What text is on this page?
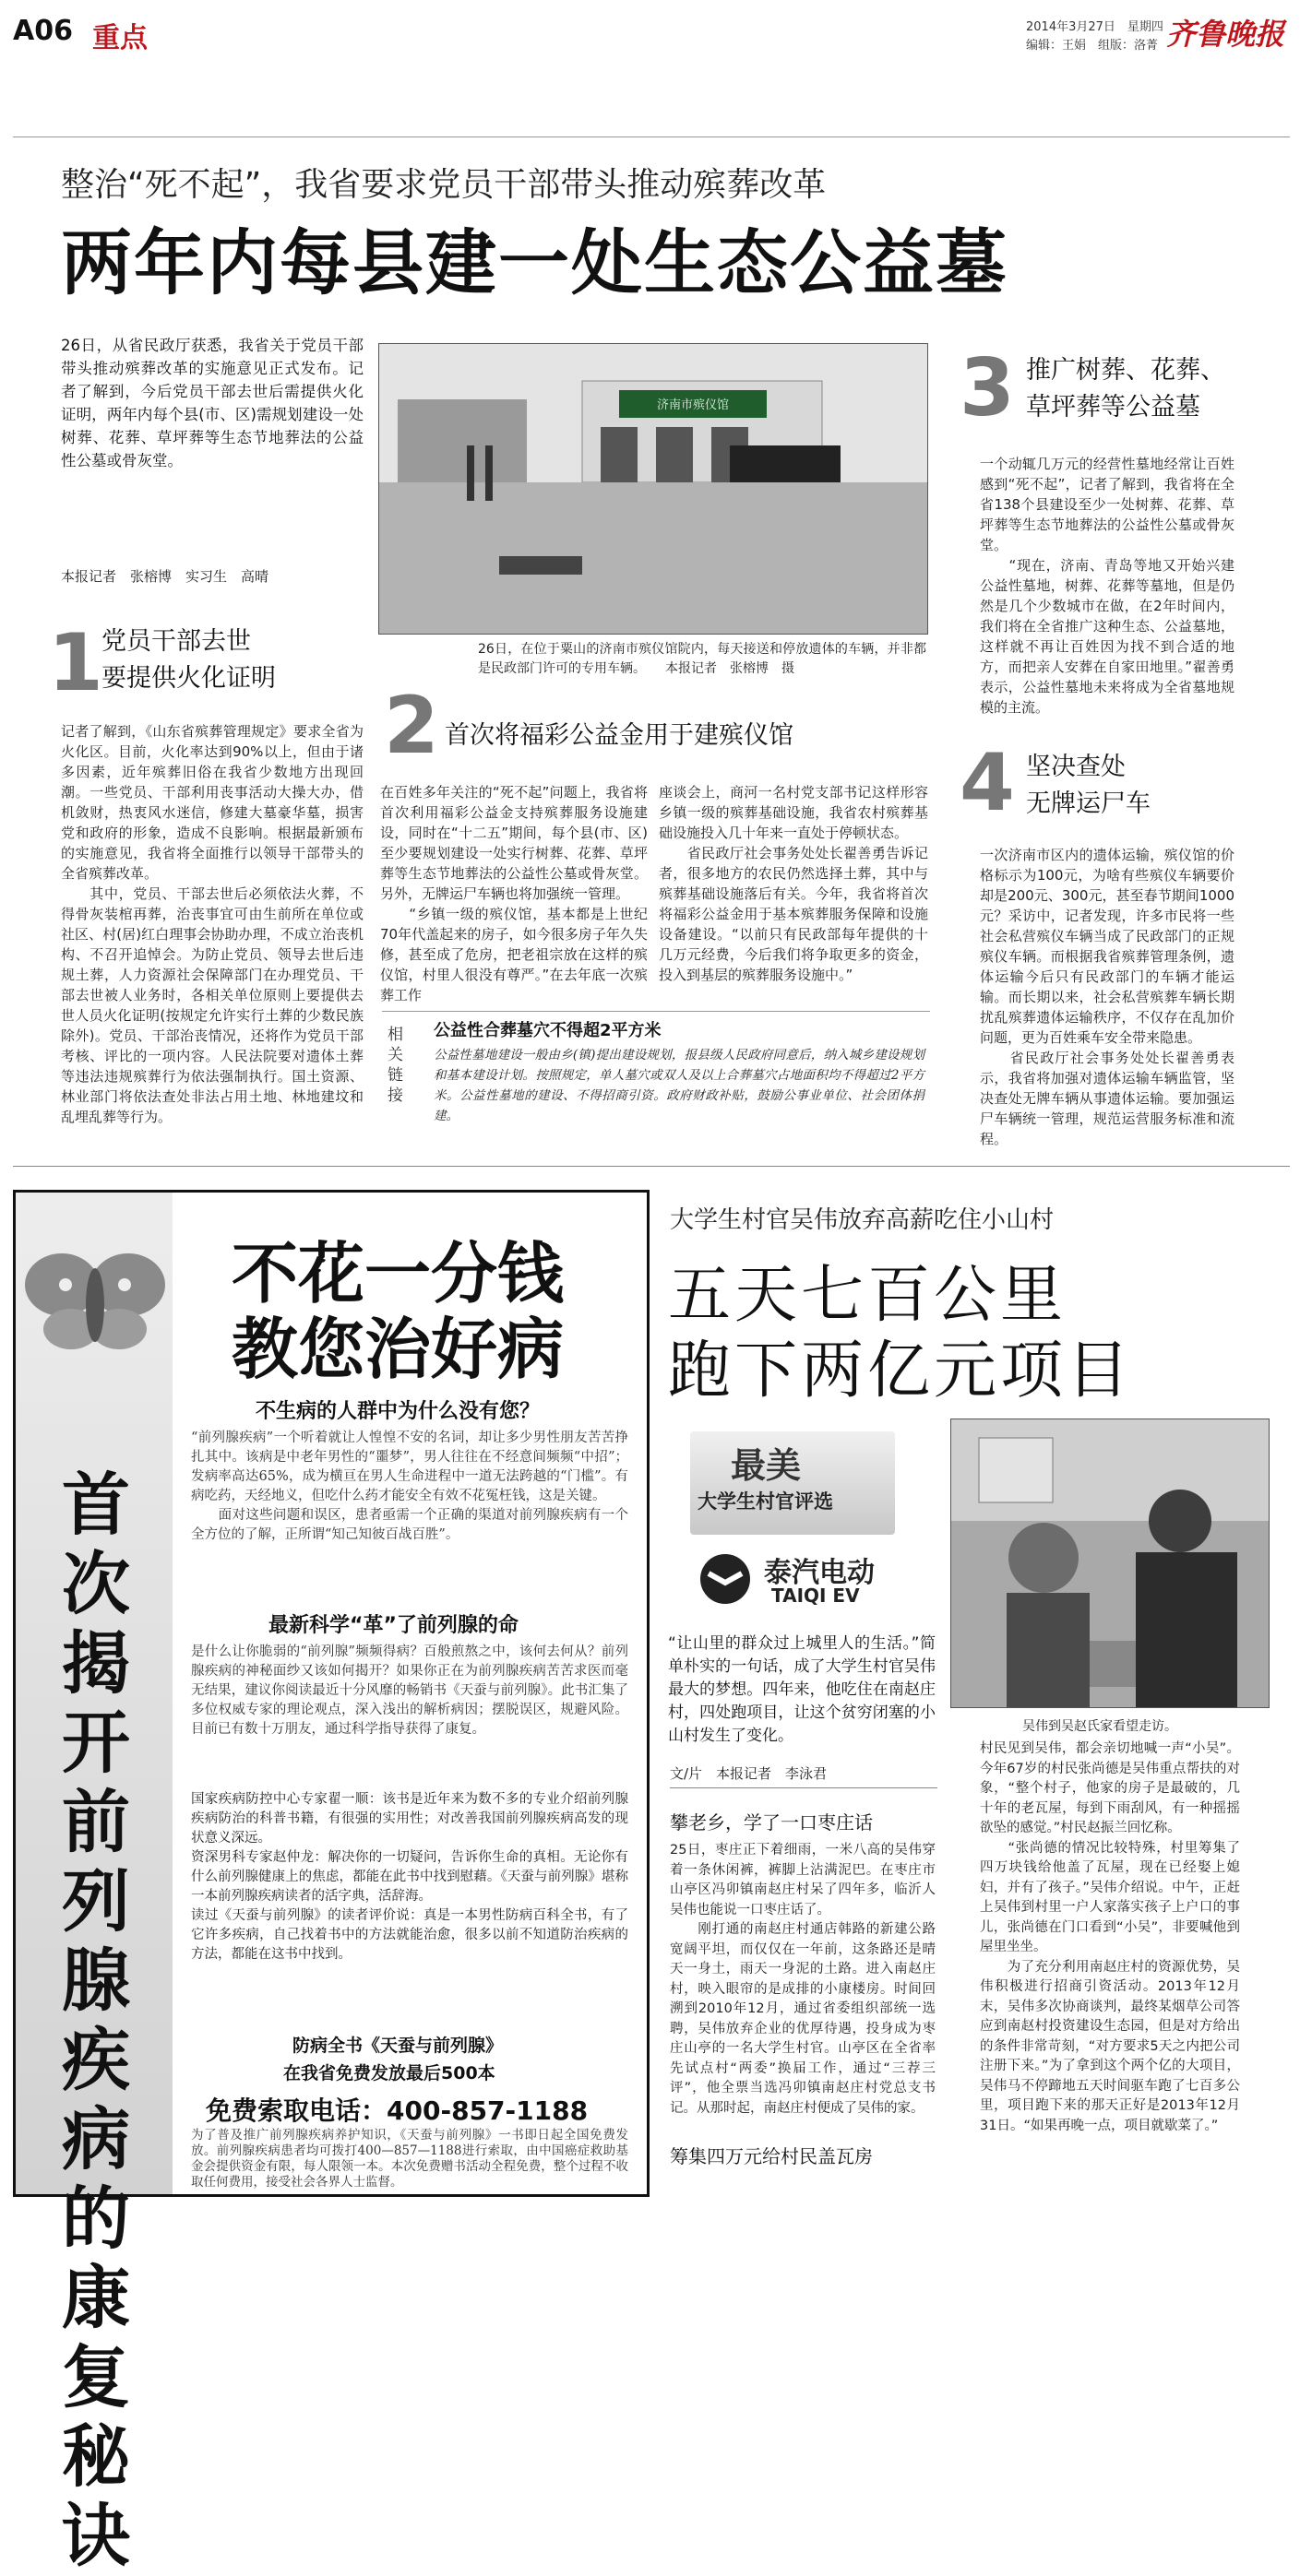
A06 重点	2014年3月27日　星期四
编辑：王娟　组版：洛菁 齐鲁晚报
整治“死不起”，我省要求党员干部带头推动殡葬改革
两年内每县建一处生态公益墓
26日，从省民政厅获悉，我省关于党员干部带头推动殡葬改革的实施意见正式发布。记者了解到，今后党员干部去世后需提供火化证明，两年内每个县(市、区)需规划建设一处树葬、花葬、草坪葬等生态节地葬法的公益性公墓或骨灰堂。
本报记者　张榕博　实习生　高晴
济南市殡仪馆
26日，在位于粟山的济南市殡仪馆院内，每天接送和停放遗体的车辆，并非都是民政部门许可的专用车辆。　　本报记者　张榕博　摄
1
党员干部去世
要提供火化证明
记者了解到，《山东省殡葬管理规定》要求全省为火化区。目前，火化率达到90%以上，但由于诸多因素，近年殡葬旧俗在我省少数地方出现回潮。一些党员、干部利用丧事活动大操大办，借机敛财，热衷风水迷信，修建大墓豪华墓，损害党和政府的形象，造成不良影响。根据最新颁布的实施意见，我省将全面推行以领导干部带头的全省殡葬改革。
　　其中，党员、干部去世后必须依法火葬，不得骨灰装棺再葬，治丧事宜可由生前所在单位或社区、村(居)红白理事会协助办理，不成立治丧机构、不召开追悼会。为防止党员、领导去世后违规土葬，人力资源社会保障部门在办理党员、干部去世被人业务时，各相关单位原则上要提供去世人员火化证明(按规定允许实行土葬的少数民族除外)。党员、干部治丧情况，还将作为党员干部考核、评比的一项内容。人民法院要对遗体土葬等违法违规殡葬行为依法强制执行。国土资源、林业部门将依法查处非法占用土地、林地建坟和乱埋乱葬等行为。
2 首次将福彩公益金用于建殡仪馆
在百姓多年关注的“死不起”问题上，我省将首次利用福彩公益金支持殡葬服务设施建设，同时在“十二五”期间，每个县(市、区)至少要规划建设一处实行树葬、花葬、草坪葬等生态节地葬法的公益性公墓或骨灰堂。另外，无牌运尸车辆也将加强统一管理。
　　“乡镇一级的殡仪馆，基本都是上世纪70年代盖起来的房子，如今很多房子年久失修，甚至成了危房，把老祖宗放在这样的殡仪馆，村里人很没有尊严。”在去年底一次殡葬工作
座谈会上，商河一名村党支部书记这样形容乡镇一级的殡葬基础设施，我省农村殡葬基础设施投入几十年来一直处于停顿状态。
　　省民政厅社会事务处处长翟善勇告诉记者，很多地方的农民仍然选择土葬，其中与殡葬基础设施落后有关。今年，我省将首次将福彩公益金用于基本殡葬服务保障和设施设备建设。“以前只有民政部每年提供的十几万元经费，今后我们将争取更多的资金，投入到基层的殡葬服务设施中。”
相关链接
公益性合葬墓穴不得超2平方米
公益性墓地建设一般由乡(镇)提出建设规划，报县级人民政府同意后，纳入城乡建设规划和基本建设计划。按照规定，单人墓穴或双人及以上合葬墓穴占地面积均不得超过2平方米。公益性墓地的建设、不得招商引资。政府财政补贴，鼓励公事业单位、社会团体捐建。
3 推广树葬、花葬、
草坪葬等公益墓
一个动辄几万元的经营性墓地经常让百姓感到“死不起”，记者了解到，我省将在全省138个县建设至少一处树葬、花葬、草坪葬等生态节地葬法的公益性公墓或骨灰堂。
　　“现在，济南、青岛等地又开始兴建公益性墓地，树葬、花葬等墓地，但是仍然是几个少数城市在做，在2年时间内，我们将在全省推广这种生态、公益墓地，这样就不再让百姓因为找不到合适的地方，而把亲人安葬在自家田地里。”翟善勇表示，公益性墓地未来将成为全省墓地规模的主流。
4 坚决查处
无牌运尸车
一次济南市区内的遗体运输，殡仪馆的价格标示为100元，为啥有些殡仪车辆要价却是200元、300元，甚至春节期间1000元？采访中，记者发现，许多市民将一些社会私营殡仪车辆当成了民政部门的正规殡仪车辆。而根据我省殡葬管理条例，遗体运输今后只有民政部门的车辆才能运输。而长期以来，社会私营殡葬车辆长期扰乱殡葬遗体运输秩序，不仅存在乱加价问题，更为百姓乘车安全带来隐患。
　　省民政厅社会事务处处长翟善勇表示，我省将加强对遗体运输车辆监管，坚决查处无牌车辆从事遗体运输。要加强运尸车辆统一管理，规范运营服务标准和流程。
首次揭开前列腺疾病的康复秘诀
不花一分钱
教您治好病
不生病的人群中为什么没有您？
“前列腺疾病”一个听着就让人惶惶不安的名词，却让多少男性朋友苦苦挣扎其中。该病是中老年男性的“噩梦”，男人往往在不经意间频频“中招”；发病率高达65%，成为横亘在男人生命进程中一道无法跨越的“门槛”。有病吃药，天经地义，但吃什么药才能安全有效不花冤枉钱，这是关键。
　　面对这些问题和误区，患者亟需一个正确的渠道对前列腺疾病有一个全方位的了解，正所谓“知己知彼百战百胜”。
最新科学“革”了前列腺的命
是什么让你脆弱的“前列腺”频频得病？百般煎熬之中，该何去何从？前列腺疾病的神秘面纱又该如何揭开？如果你正在为前列腺疾病苦苦求医而毫无结果，建议你阅读最近十分风靡的畅销书《天蚕与前列腺》。此书汇集了多位权威专家的理论观点，深入浅出的解析病因；摆脱误区，规避风险。目前已有数十万朋友，通过科学指导获得了康复。
国家疾病防控中心专家翟一顺：该书是近年来为数不多的专业介绍前列腺疾病防治的科普书籍，有很强的实用性；对改善我国前列腺疾病高发的现状意义深远。
资深男科专家赵仲龙：解决你的一切疑问，告诉你生命的真相。无论你有什么前列腺健康上的焦虑，都能在此书中找到慰藉。《天蚕与前列腺》堪称一本前列腺疾病读者的活字典，活辞海。
读过《天蚕与前列腺》的读者评价说：真是一本男性防病百科全书，有了它许多疾病，自己找着书中的方法就能治愈，很多以前不知道防治疾病的方法，都能在这书中找到。
防病全书《天蚕与前列腺》
在我省免费发放最后500本
免费索取电话：400-857-1188
为了普及推广前列腺疾病养护知识，《天蚕与前列腺》一书即日起全国免费发放。前列腺疾病患者均可拨打400—857—1188进行索取，由中国癌症救助基金会提供资金有限，每人限领一本。本次免费赠书活动全程免费，整个过程不收取任何费用，接受社会各界人士监督。
大学生村官吴伟放弃高薪吃住小山村
五天七百公里
跑下两亿元项目
最美
大学生村官评选
泰汽电动
TAIQI EV
“让山里的群众过上城里人的生活。”简单朴实的一句话，成了大学生村官吴伟最大的梦想。四年来，他吃住在南赵庄村，四处跑项目，让这个贫穷闭塞的小山村发生了变化。	吴伟到吴赵氏家看望走访。
文/片　本报记者　李泳君
攀老乡，学了一口枣庄话
25日，枣庄正下着细雨，一米八高的吴伟穿着一条休闲裤，裤脚上沾满泥巴。在枣庄市山亭区冯卯镇南赵庄村呆了四年多，临沂人吴伟也能说一口枣庄话了。
　　刚打通的南赵庄村通店韩路的新建公路宽阔平坦，而仅仅在一年前，这条路还是晴天一身土，雨天一身泥的土路。进入南赵庄村，映入眼帘的是成排的小康楼房。时间回溯到2010年12月，通过省委组织部统一选聘，吴伟放弃企业的优厚待遇，投身成为枣庄山亭的一名大学生村官。山亭区在全省率先试点村“两委”换届工作，通过“三荐三评”，他全票当选冯卯镇南赵庄村党总支书记。从那时起，南赵庄村便成了吴伟的家。
筹集四万元给村民盖瓦房
村民见到吴伟，都会亲切地喊一声“小吴”。今年67岁的村民张尚德是吴伟重点帮扶的对象，“整个村子，他家的房子是最破的，几十年的老瓦屋，每到下雨刮风，有一种摇摇欲坠的感觉。”村民赵振兰回忆称。
　　“张尚德的情况比较特殊，村里筹集了四万块钱给他盖了瓦屋，现在已经娶上媳妇，并有了孩子。”吴伟介绍说。中午，正赶上吴伟到村里一户人家落实孩子上户口的事儿，张尚德在门口看到“小吴”，非要喊他到屋里坐坐。
　　为了充分利用南赵庄村的资源优势，吴伟积极进行招商引资活动。2013年12月末，吴伟多次协商谈判，最终某烟草公司答应到南赵村投资建设生态园，但是对方给出的条件非常苛刻，“对方要求5天之内把公司注册下来。”为了拿到这个两个亿的大项目，吴伟马不停蹄地五天时间驱车跑了七百多公里，项目跑下来的那天正好是2013年12月31日。“如果再晚一点，项目就歇菜了。”
